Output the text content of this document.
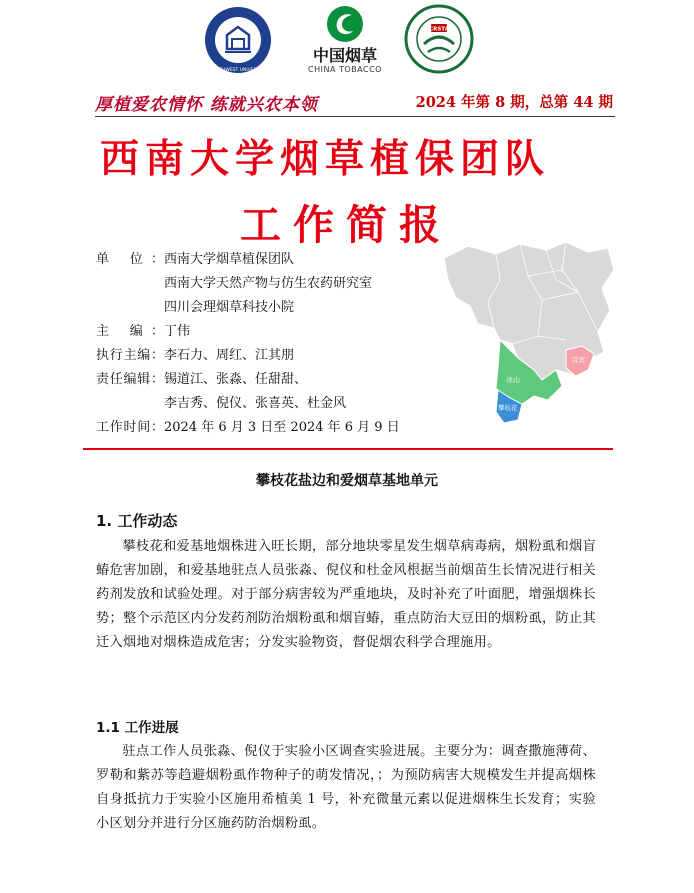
SOUTHWEST UNIVERSITY
中国烟草
CHINA TOBACCO
CRSTA
厚植爱农情怀 练就兴农本领	2024 年第 8 期，总第 44 期
西南大学烟草植保团队
工作简报
单 位：西南大学烟草植保团队
西南大学天然产物与仿生农药研究室
四川会理烟草科技小院
主 编：丁伟
执行主编：李石力、周红、江其朋
责任编辑：锡道江、张淼、任甜甜、
李吉秀、倪仪、张喜英、杜金风
工作时间：2024 年 6 月 3 日至 2024 年 6 月 9 日
凉山
攀枝花
宜宾
攀枝花盐边和爱烟草基地单元
1. 工作动态
攀枝花和爱基地烟株进入旺长期，部分地块零星发生烟草病毒病，烟粉虱和烟盲蝽危害加剧，和爱基地驻点人员张淼、倪仪和杜金风根据当前烟苗生长情况进行相关药剂发放和试验处理。对于部分病害较为严重地块，及时补充了叶面肥，增强烟株长势；整个示范区内分发药剂防治烟粉虱和烟盲蝽，重点防治大豆田的烟粉虱，防止其迁入烟地对烟株造成危害；分发实验物资，督促烟农科学合理施用。
1.1 工作进展
驻点工作人员张淼、倪仪于实验小区调查实验进展。主要分为：调查撒施薄荷、罗勒和紫苏等趋避烟粉虱作物种子的萌发情况，；为预防病害大规模发生并提高烟株自身抵抗力于实验小区施用希植美 1 号，补充微量元素以促进烟株生长发育；实验小区划分并进行分区施药防治烟粉虱。
